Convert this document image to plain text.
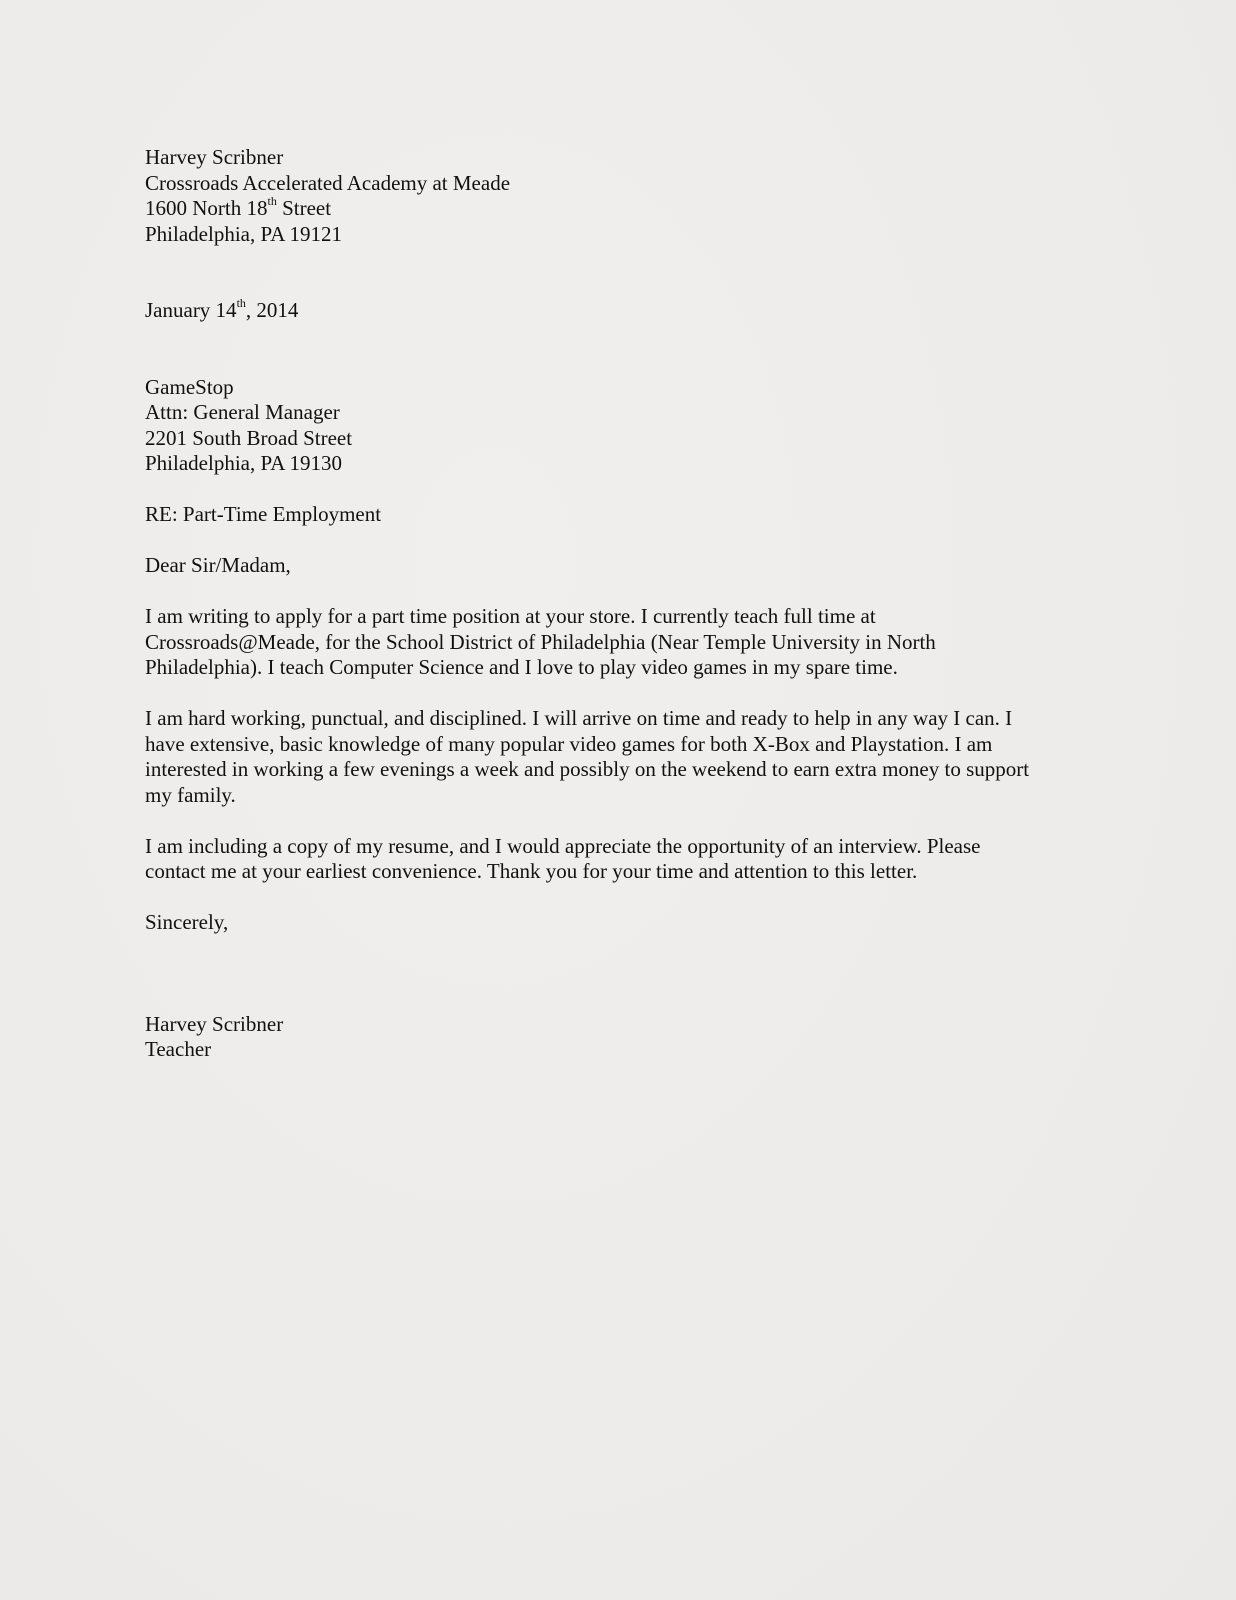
Harvey Scribner
Crossroads Accelerated Academy at Meade
1600 North 18th Street
Philadelphia, PA 19121
January 14th, 2014
GameStop
Attn: General Manager
2201 South Broad Street
Philadelphia, PA 19130
RE: Part-Time Employment
Dear Sir/Madam,
I am writing to apply for a part time position at your store. I currently teach full time at
Crossroads@Meade, for the School District of Philadelphia (Near Temple University in North
Philadelphia). I teach Computer Science and I love to play video games in my spare time.
I am hard working, punctual, and disciplined. I will arrive on time and ready to help in any way I can. I
have extensive, basic knowledge of many popular video games for both X-Box and Playstation. I am
interested in working a few evenings a week and possibly on the weekend to earn extra money to support
my family.
I am including a copy of my resume, and I would appreciate the opportunity of an interview. Please
contact me at your earliest convenience. Thank you for your time and attention to this letter.
Sincerely,
Harvey Scribner
Teacher
